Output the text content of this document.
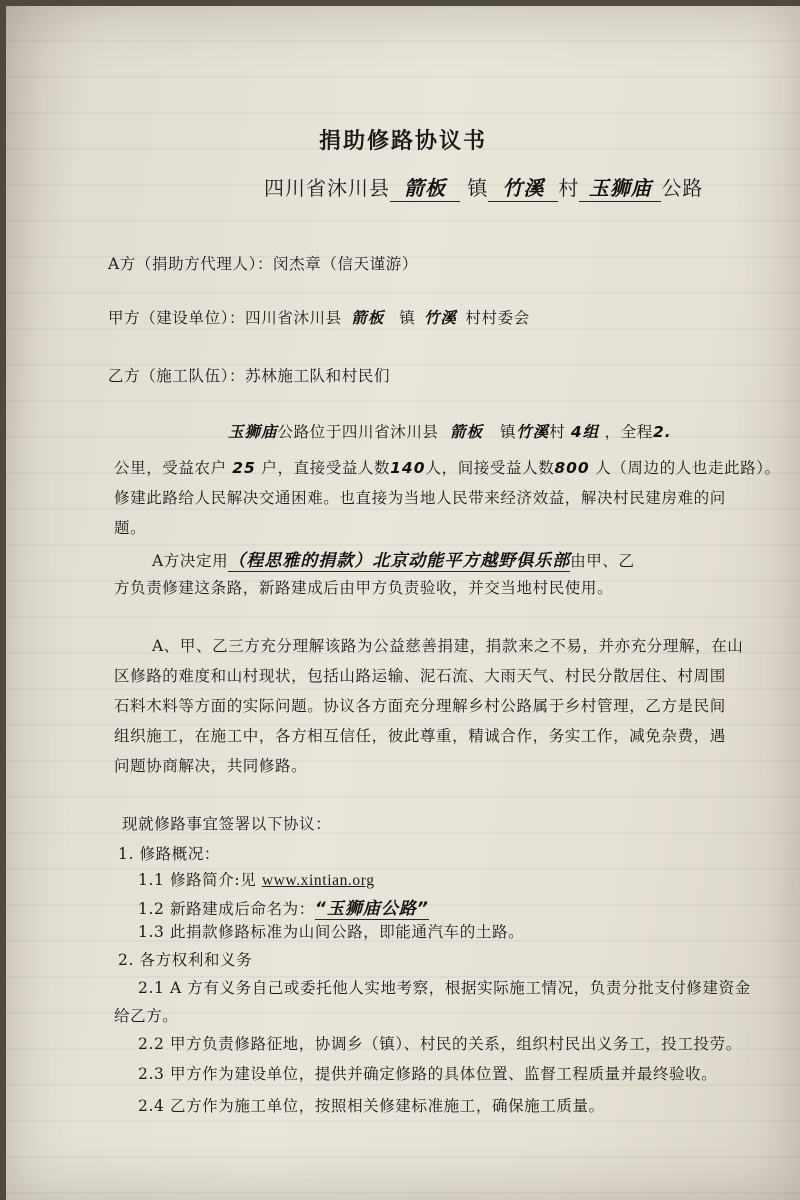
捐助修路协议书
四川省沐川县 箭板 镇 竹溪 村 玉狮庙 公路
A方（捐助方代理人）：闵杰章（信天谨游）
甲方（建设单位）：四川省沐川县 箭板 镇 竹溪 村村委会
乙方（施工队伍）：苏林施工队和村民们
玉狮庙公路位于四川省沐川县 箭板 镇竹溪村 4组 ，全程2.
公里，受益农户 25 户，直接受益人数140人，间接受益人数800 人（周边的人也走此路）。
修建此路给人民解决交通困难。也直接为当地人民带来经济效益，解决村民建房难的问
题。
A方决定用（程思雅的捐款）北京动能平方越野俱乐部由甲、乙
方负责修建这条路，新路建成后由甲方负责验收，并交当地村民使用。
A、甲、乙三方充分理解该路为公益慈善捐建，捐款来之不易，并亦充分理解，在山
区修路的难度和山村现状，包括山路运输、泥石流、大雨天气、村民分散居住、村周围
石料木料等方面的实际问题。协议各方面充分理解乡村公路属于乡村管理，乙方是民间
组织施工，在施工中，各方相互信任，彼此尊重，精诚合作，务实工作，减免杂费，遇
问题协商解决，共同修路。
现就修路事宜签署以下协议：
1. 修路概况：
1.1 修路简介:见 www.xintian.org
1.2 新路建成后命名为：“玉狮庙公路”
1.3 此捐款修路标准为山间公路，即能通汽车的土路。
2. 各方权利和义务
2.1 A 方有义务自己或委托他人实地考察，根据实际施工情况，负责分批支付修建资金
给乙方。
2.2 甲方负责修路征地，协调乡（镇）、村民的关系，组织村民出义务工，投工投劳。
2.3 甲方作为建设单位，提供并确定修路的具体位置、监督工程质量并最终验收。
2.4 乙方作为施工单位，按照相关修建标准施工，确保施工质量。
